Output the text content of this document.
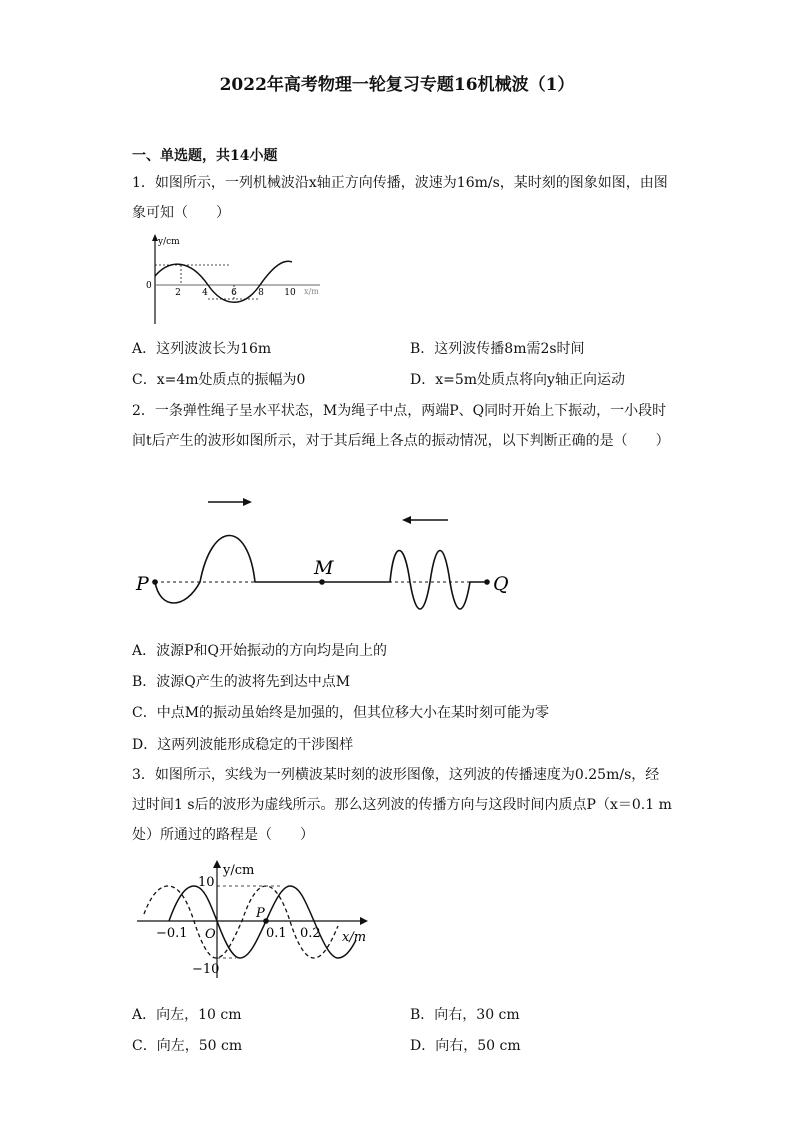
2022年高考物理一轮复习专题16机械波（1）
一、单选题，共14小题
1．如图所示，一列机械波沿x轴正方向传播，波速为16m/s，某时刻的图象如图，由图象可知（　　）
y/cm
x/m
0
2 4	6 8 10
A．这列波波长为16m	B．这列波传播8m需2s时间
C．x=4m处质点的振幅为0	D．x=5m处质点将向y轴正向运动
2．一条弹性绳子呈水平状态，M为绳子中点，两端P、Q同时开始上下振动，一小段时间t后产生的波形如图所示，对于其后绳上各点的振动情况，以下判断正确的是（　　）
P
M
Q
A．波源P和Q开始振动的方向均是向上的
B．波源Q产生的波将先到达中点M
C．中点M的振动虽始终是加强的，但其位移大小在某时刻可能为零
D．这两列波能形成稳定的干涉图样
3．如图所示，实线为一列横波某时刻的波形图像，这列波的传播速度为0.25m/s，经过时间1 s后的波形为虚线所示。那么这列波的传播方向与这段时间内质点P（x＝0.1 m处）所通过的路程是（　　）
y/cm
x/m
10
−10
O
−0.1	0.1 0.2
P
A．向左，10 cm	B．向右，30 cm
C．向左，50 cm	D．向右，50 cm
